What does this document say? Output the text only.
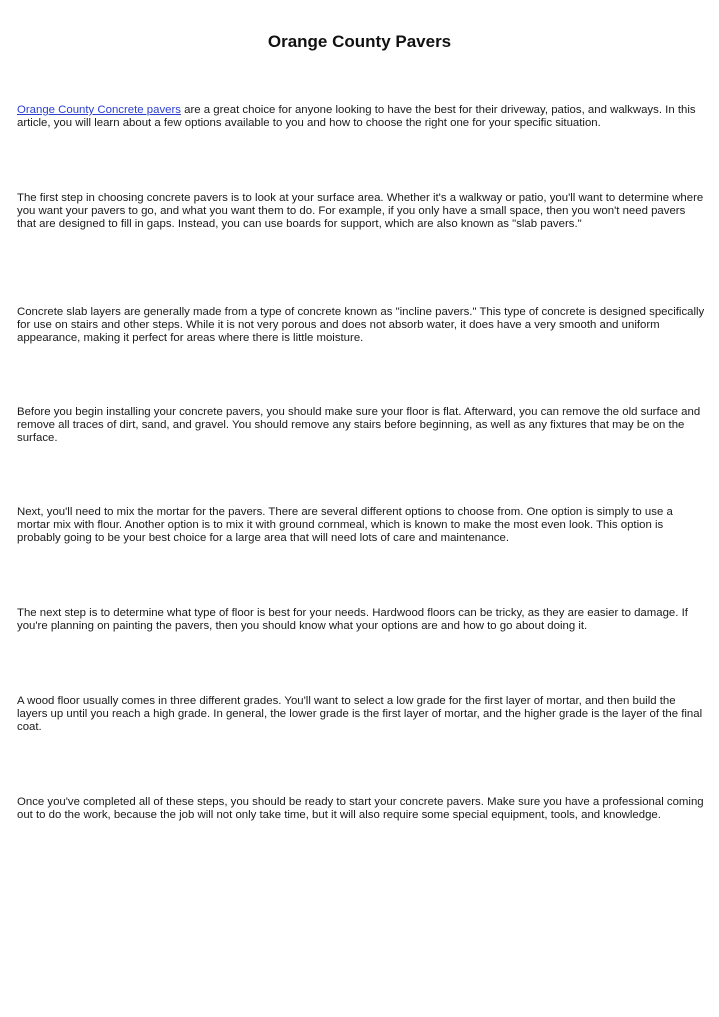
Orange County Pavers

Orange County Concrete pavers are a great choice for anyone looking to have the best for their driveway, patios, and walkways. In this article, you will learn about a few options available to you and how to choose the right one for your specific situation.

The first step in choosing concrete pavers is to look at your surface area. Whether it's a walkway or patio, you'll want to determine where you want your pavers to go, and what you want them to do. For example, if you only have a small space, then you won't need pavers that are designed to fill in gaps. Instead, you can use boards for support, which are also known as "slab pavers."

Concrete slab layers are generally made from a type of concrete known as "incline pavers." This type of concrete is designed specifically for use on stairs and other steps. While it is not very porous and does not absorb water, it does have a very smooth and uniform appearance, making it perfect for areas where there is little moisture.

Before you begin installing your concrete pavers, you should make sure your floor is flat. Afterward, you can remove the old surface and remove all traces of dirt, sand, and gravel. You should remove any stairs before beginning, as well as any fixtures that may be on the surface.

Next, you'll need to mix the mortar for the pavers. There are several different options to choose from. One option is simply to use a mortar mix with flour. Another option is to mix it with ground cornmeal, which is known to make the most even look. This option is probably going to be your best choice for a large area that will need lots of care and maintenance.

The next step is to determine what type of floor is best for your needs. Hardwood floors can be tricky, as they are easier to damage. If you're planning on painting the pavers, then you should know what your options are and how to go about doing it.

A wood floor usually comes in three different grades. You'll want to select a low grade for the first layer of mortar, and then build the layers up until you reach a high grade. In general, the lower grade is the first layer of mortar, and the higher grade is the layer of the final coat.

Once you've completed all of these steps, you should be ready to start your concrete pavers. Make sure you have a professional coming out to do the work, because the job will not only take time, but it will also require some special equipment, tools, and knowledge.
